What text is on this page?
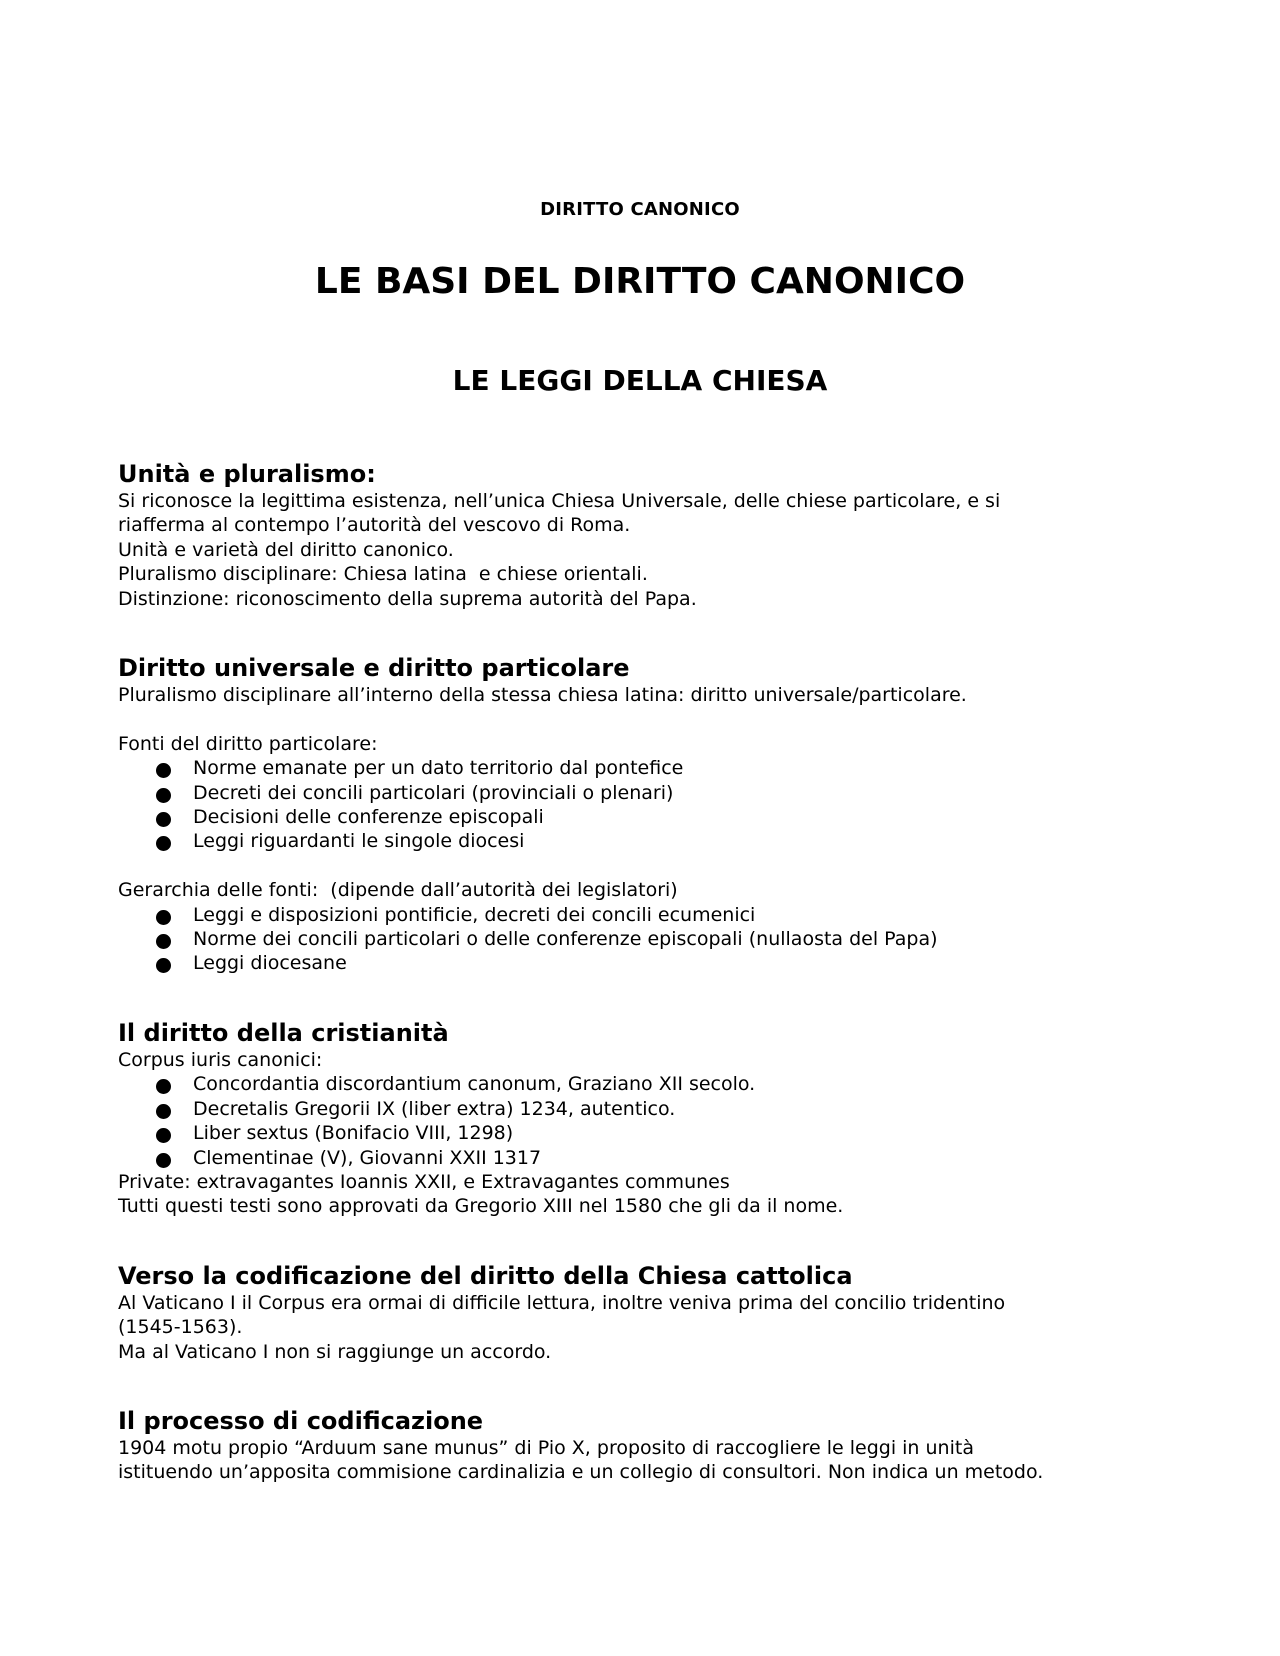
DIRITTO CANONICO
LE BASI DEL DIRITTO CANONICO
LE LEGGI DELLA CHIESA
Unità e pluralismo:

Si riconosce la legittima esistenza, nell’unica Chiesa Universale, delle chiese particolare, e si

riafferma al contempo l’autorità del vescovo di Roma.

Unità e varietà del diritto canonico.

Pluralismo disciplinare: Chiesa latina  e chiese orientali.

Distinzione: riconoscimento della suprema autorità del Papa.

Diritto universale e diritto particolare

Pluralismo disciplinare all’interno della stessa chiesa latina: diritto universale/particolare.

Fonti del diritto particolare:

Norme emanate per un dato territorio dal pontefice
Decreti dei concili particolari (provinciali o plenari)
Decisioni delle conferenze episcopali
Leggi riguardanti le singole diocesi

Gerarchia delle fonti:  (dipende dall’autorità dei legislatori)

Leggi e disposizioni pontificie, decreti dei concili ecumenici
Norme dei concili particolari o delle conferenze episcopali (nullaosta del Papa)
Leggi diocesane
Il diritto della cristianità

Corpus iuris canonici:

Concordantia discordantium canonum, Graziano XII secolo.
Decretalis Gregorii IX (liber extra) 1234, autentico.
Liber sextus (Bonifacio VIII, 1298)
Clementinae (V), Giovanni XXII 1317

Private: extravagantes Ioannis XXII, e Extravagantes communes

Tutti questi testi sono approvati da Gregorio XIII nel 1580 che gli da il nome.

Verso la codificazione del diritto della Chiesa cattolica

Al Vaticano I il Corpus era ormai di difficile lettura, inoltre veniva prima del concilio tridentino

(1545-1563).

Ma al Vaticano I non si raggiunge un accordo.

Il processo di codificazione

1904 motu propio “Arduum sane munus” di Pio X, proposito di raccogliere le leggi in unità

istituendo un’apposita commisione cardinalizia e un collegio di consultori. Non indica un metodo.
